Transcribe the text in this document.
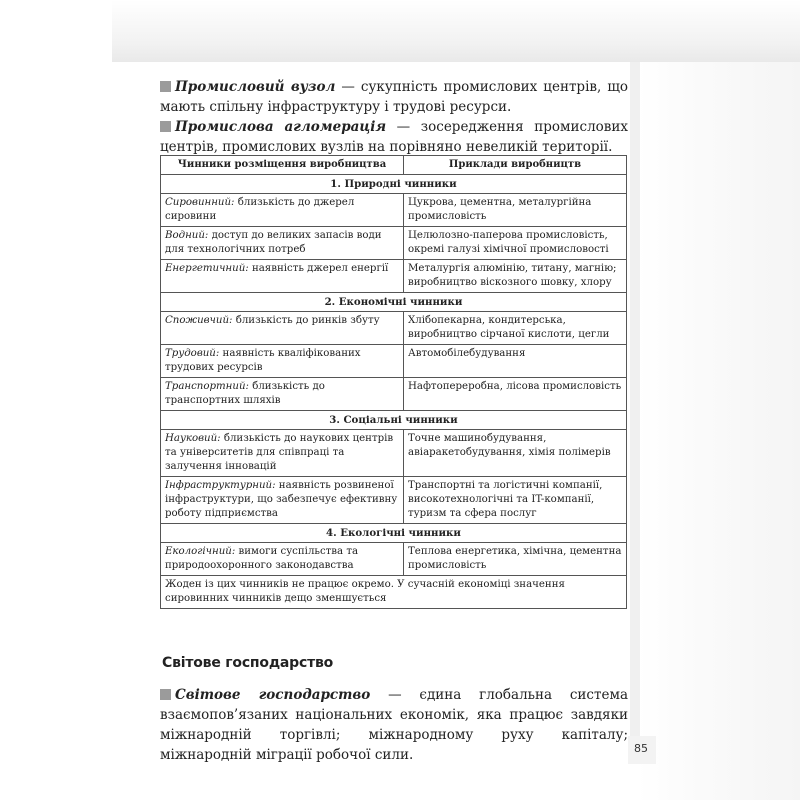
Промисловий вузол — сукупність промислових центрів, що мають спільну інфраструктуру і трудові ресурси.

Промислова агломерація — зосередження промислових центрів, промислових вузлів на порівняно невеликій території.

Чинники розміщення виробництва	Приклади виробництв
1. Природні чинники	
Сировинний: близькість до джерел сировини	Цукрова, цементна, металургійна промисловість
Водний: доступ до великих запасів води для технологічних потреб	Целюлозно-паперова промисловість, окремі галузі хімічної промисловості
Енергетичний: наявність джерел енергії	Металургія алюмінію, титану, магнію; виробництво віскозного шовку, хлору
2. Економічні чинники	
Споживчий: близькість до ринків збуту	Хлібопекарна, кондитерська, виробництво сірчаної кислоти, цегли
Трудовий: наявність кваліфікованих трудових ресурсів	Автомобілебудування
Транспортний: близькість до транспортних шляхів	Нафтопереробна, лісова промисловість
3. Соціальні чинники	
Науковий: близькість до наукових центрів та університетів для співпраці та залучення інновацій	Точне машинобудування, авіаракетобудування, хімія полімерів
Інфраструктурний: наявність розвиненої інфраструктури, що забезпечує ефективну роботу підприємства	Транспортні та логістичні компанії, високотехнологічні та IT-компанії, туризм та сфера послуг
4. Екологічні чинники	
Екологічний: вимоги суспільства та природоохоронного законодавства	Теплова енергетика, хімічна, цементна промисловість
Жоден із цих чинників не працює окремо. У сучасній економіці значення сировинних чинників дещо зменшується	
Світове господарство

Світове господарство — єдина глобальна система взаємопов’язаних національних економік, яка працює завдяки міжнародній торгівлі; міжнародному руху капіталу; міжнародній міграції робочої сили.	85
